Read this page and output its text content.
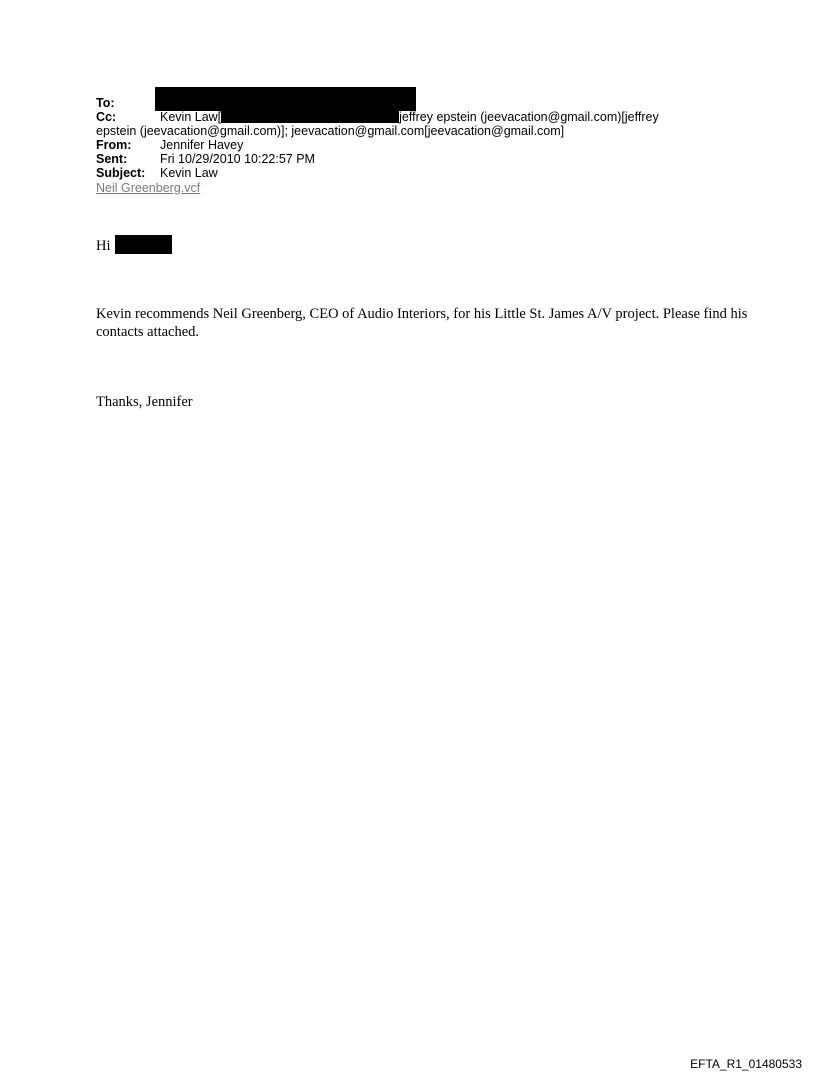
To:
Cc:	Kevin Law[	jeffrey epstein (jeevacation@gmail.com)[jeffrey
epstein (jeevacation@gmail.com)]; jeevacation@gmail.com[jeevacation@gmail.com]
From: Jennifer Havey
Sent:	Fri 10/29/2010 10:22:57 PM
Subject: Kevin Law
Neil Greenberg.vcf
Hi
Kevin recommends Neil Greenberg, CEO of Audio Interiors, for his Little St. James A/V project. Please find his contacts attached.
Thanks, Jennifer
EFTA_R1_01480533
